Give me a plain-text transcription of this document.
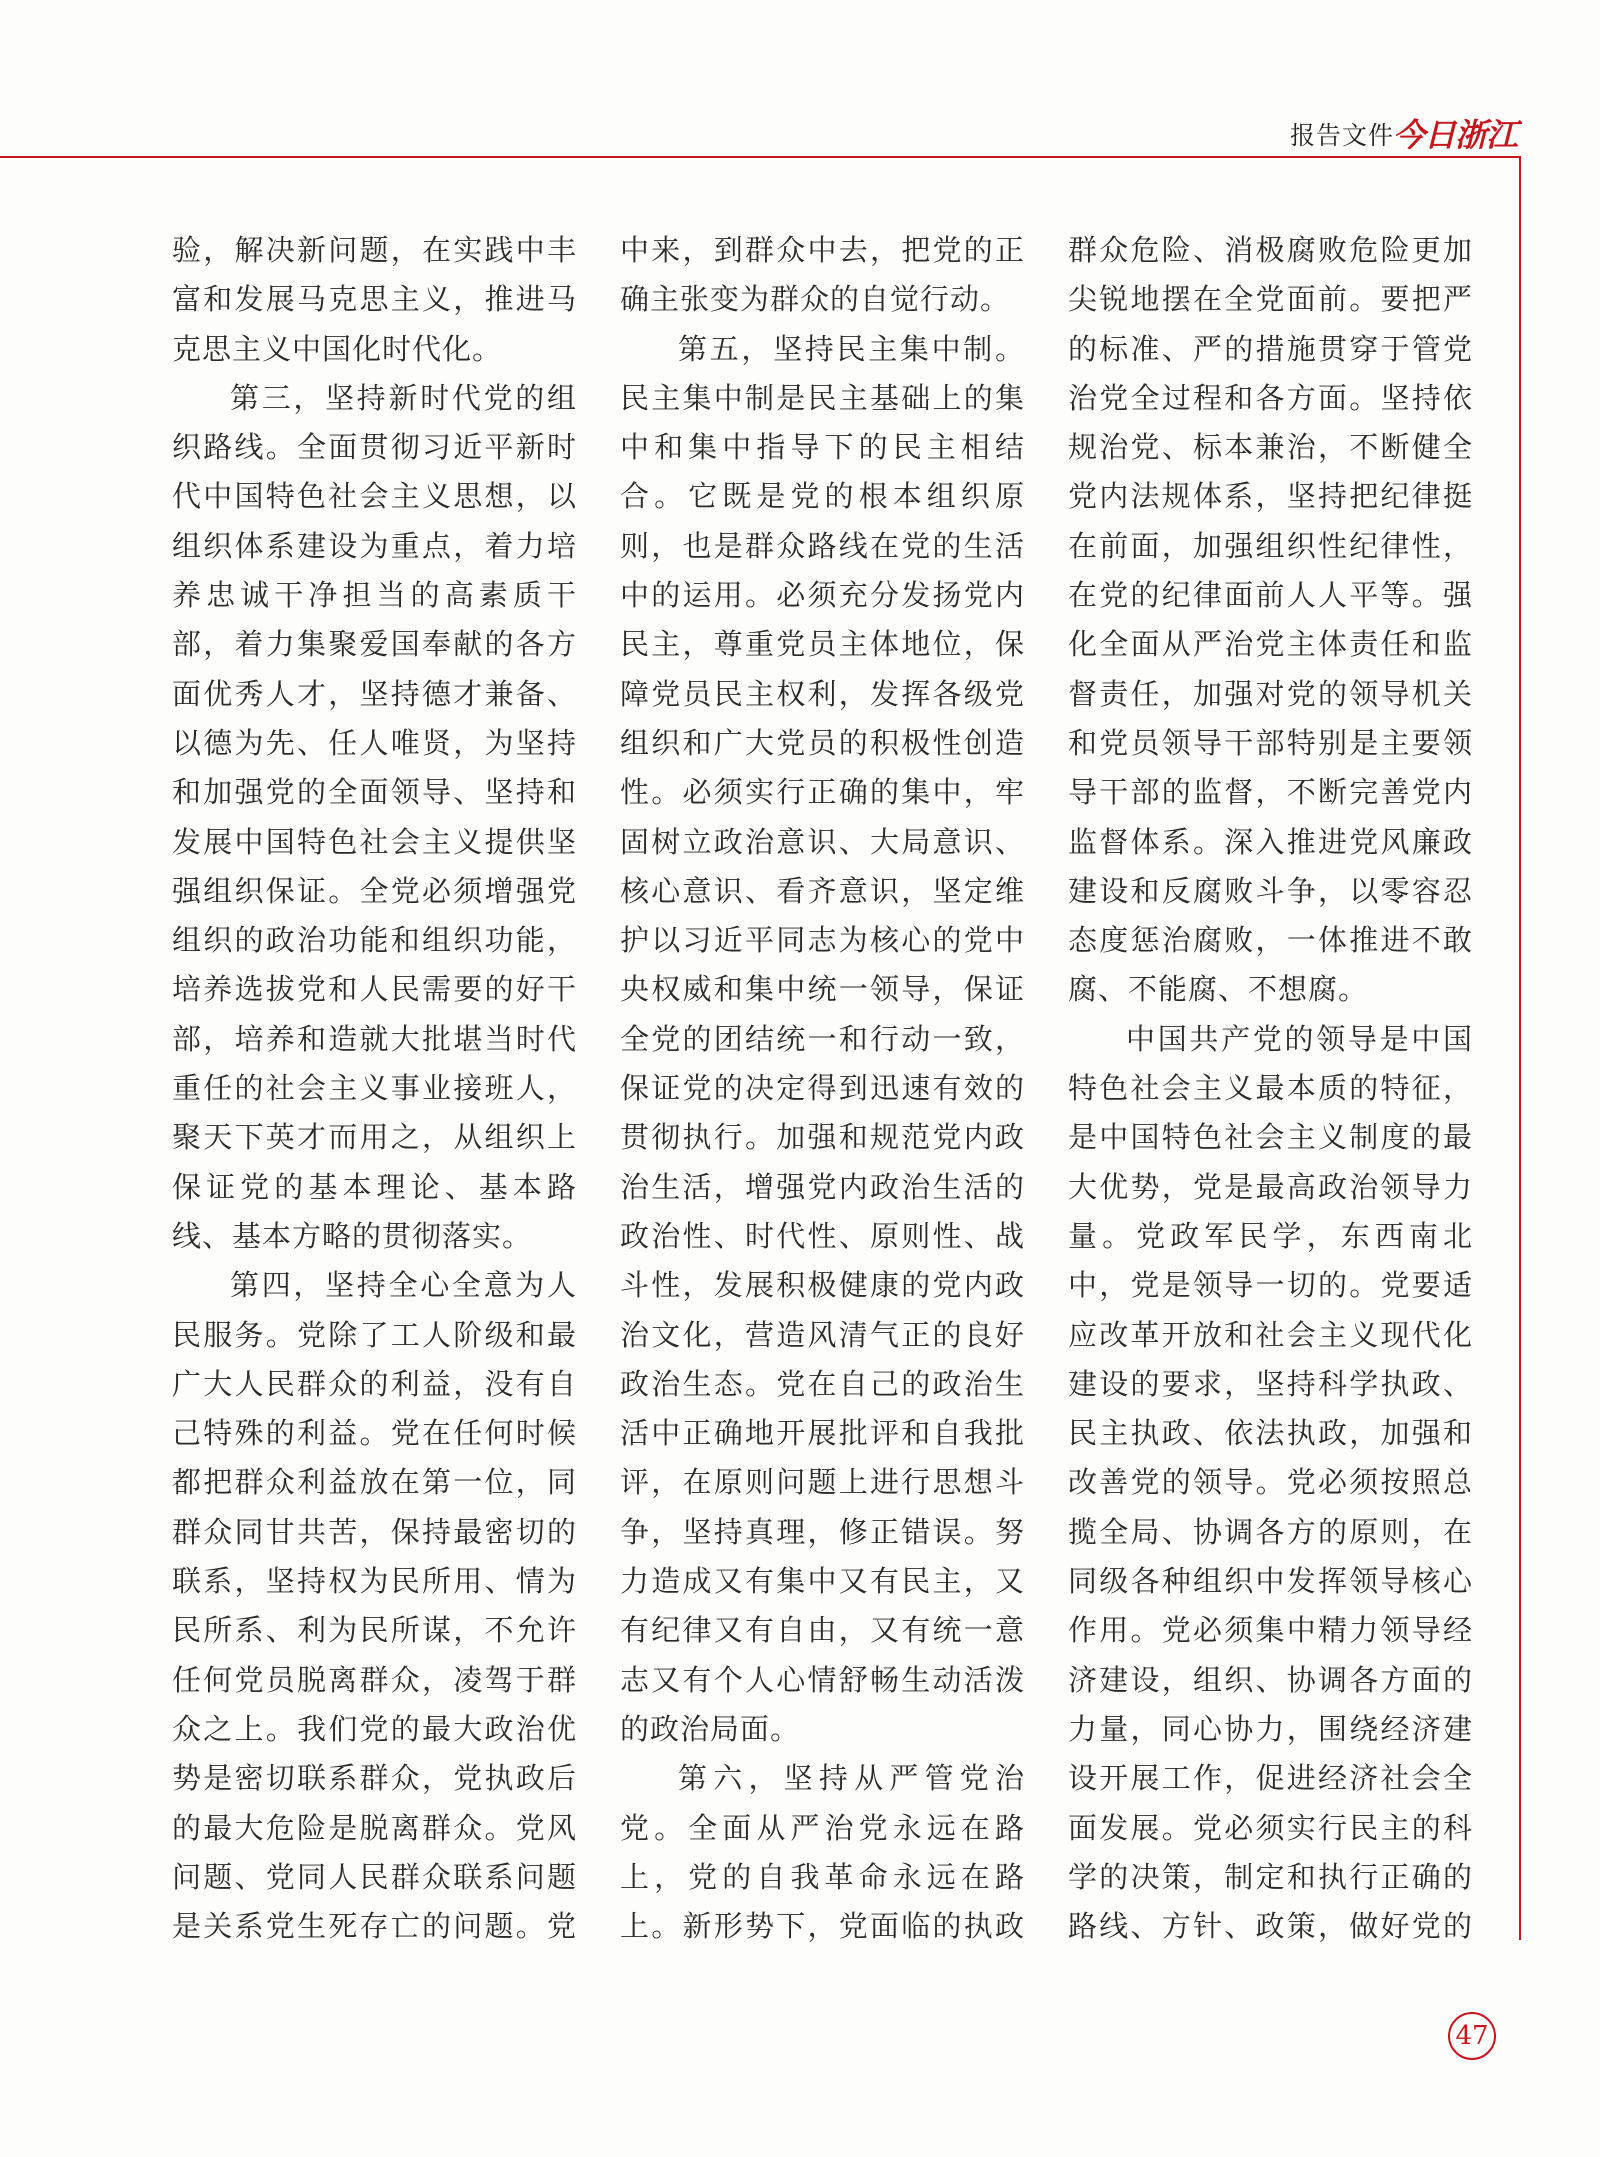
报告文件
今日浙江

验，解决新问题，在实践中丰富和发展马克思主义，推进马克思主义中国化时代化。

第三，坚持新时代党的组织路线。全面贯彻习近平新时代中国特色社会主义思想，以组织体系建设为重点，着力培养忠诚干净担当的高素质干部，着力集聚爱国奉献的各方面优秀人才，坚持德才兼备、以德为先、任人唯贤，为坚持和加强党的全面领导、坚持和发展中国特色社会主义提供坚强组织保证。全党必须增强党组织的政治功能和组织功能，培养选拔党和人民需要的好干部，培养和造就大批堪当时代重任的社会主义事业接班人，聚天下英才而用之，从组织上保证党的基本理论、基本路线、基本方略的贯彻落实。

第四，坚持全心全意为人民服务。党除了工人阶级和最广大人民群众的利益，没有自己特殊的利益。党在任何时候都把群众利益放在第一位，同群众同甘共苦，保持最密切的联系，坚持权为民所用、情为民所系、利为民所谋，不允许任何党员脱离群众，凌驾于群众之上。我们党的最大政治优势是密切联系群众，党执政后的最大危险是脱离群众。党风问题、党同人民群众联系问题是关系党生死存亡的问题。党

中来，到群众中去，把党的正确主张变为群众的自觉行动。

第五，坚持民主集中制。民主集中制是民主基础上的集中和集中指导下的民主相结合。它既是党的根本组织原则，也是群众路线在党的生活中的运用。必须充分发扬党内民主，尊重党员主体地位，保障党员民主权利，发挥各级党组织和广大党员的积极性创造性。必须实行正确的集中，牢固树立政治意识、大局意识、核心意识、看齐意识，坚定维护以习近平同志为核心的党中央权威和集中统一领导，保证全党的团结统一和行动一致，保证党的决定得到迅速有效的贯彻执行。加强和规范党内政治生活，增强党内政治生活的政治性、时代性、原则性、战斗性，发展积极健康的党内政治文化，营造风清气正的良好政治生态。党在自己的政治生活中正确地开展批评和自我批评，在原则问题上进行思想斗争，坚持真理，修正错误。努力造成又有集中又有民主，又有纪律又有自由，又有统一意志又有个人心情舒畅生动活泼的政治局面。

第六，坚持从严管党治党。全面从严治党永远在路上，党的自我革命永远在路上。新形势下，党面临的执政

群众危险、消极腐败危险更加尖锐地摆在全党面前。要把严的标准、严的措施贯穿于管党治党全过程和各方面。坚持依规治党、标本兼治，不断健全党内法规体系，坚持把纪律挺在前面，加强组织性纪律性，在党的纪律面前人人平等。强化全面从严治党主体责任和监督责任，加强对党的领导机关和党员领导干部特别是主要领导干部的监督，不断完善党内监督体系。深入推进党风廉政建设和反腐败斗争，以零容忍态度惩治腐败，一体推进不敢腐、不能腐、不想腐。

中国共产党的领导是中国特色社会主义最本质的特征，是中国特色社会主义制度的最大优势，党是最高政治领导力量。党政军民学，东西南北中，党是领导一切的。党要适应改革开放和社会主义现代化建设的要求，坚持科学执政、民主执政、依法执政，加强和改善党的领导。党必须按照总揽全局、协调各方的原则，在同级各种组织中发挥领导核心作用。党必须集中精力领导经济建设，组织、协调各方面的力量，同心协力，围绕经济建设开展工作，促进经济社会全面发展。党必须实行民主的科学的决策，制定和执行正确的路线、方针、政策，做好党的

47
